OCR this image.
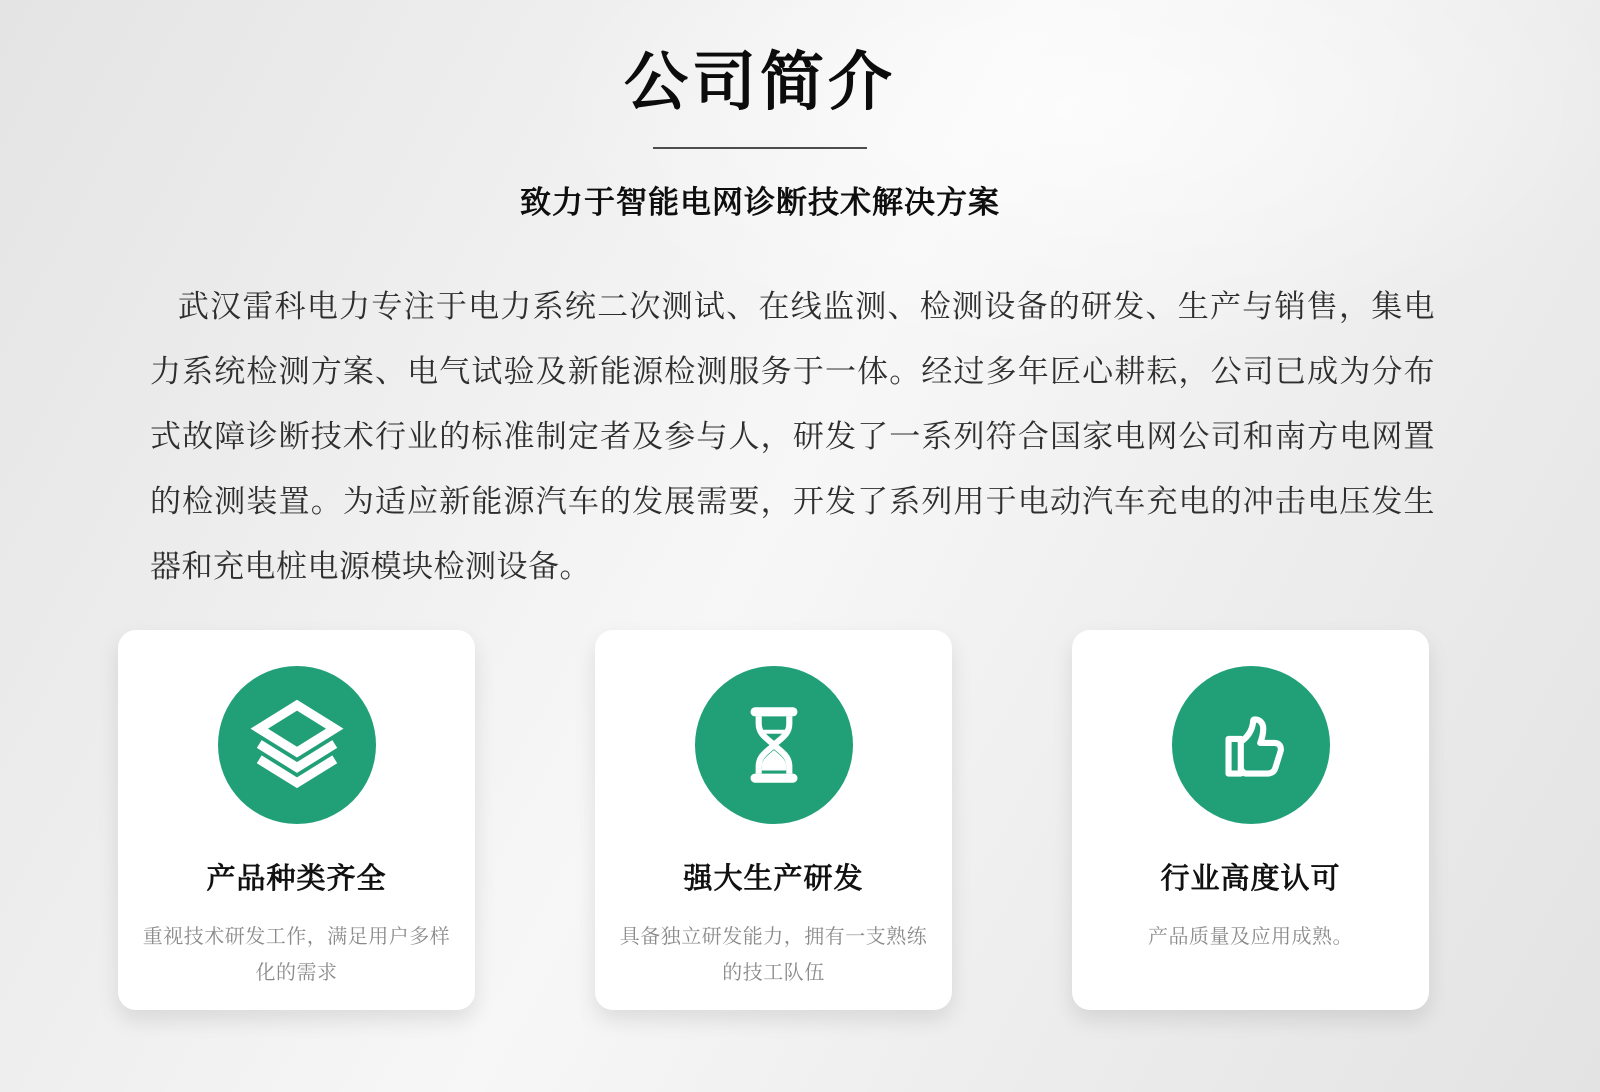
公司简介
致力于智能电网诊断技术解决方案

武汉雷科电力专注于电力系统二次测试、在线监测、检测设备的研发、生产与销售，集电力系统检测方案、电气试验及新能源检测服务于一体。经过多年匠心耕耘，公司已成为分布式故障诊断技术行业的标准制定者及参与人，研发了一系列符合国家电网公司和南方电网置的检测装置。为适应新能源汽车的发展需要，开发了系列用于电动汽车充电的冲击电压发生器和充电桩电源模块检测设备。

产品种类齐全
重视技术研发工作，满足用户多样化的需求
强大生产研发
具备独立研发能力，拥有一支熟练的技工队伍
行业高度认可
产品质量及应用成熟。
